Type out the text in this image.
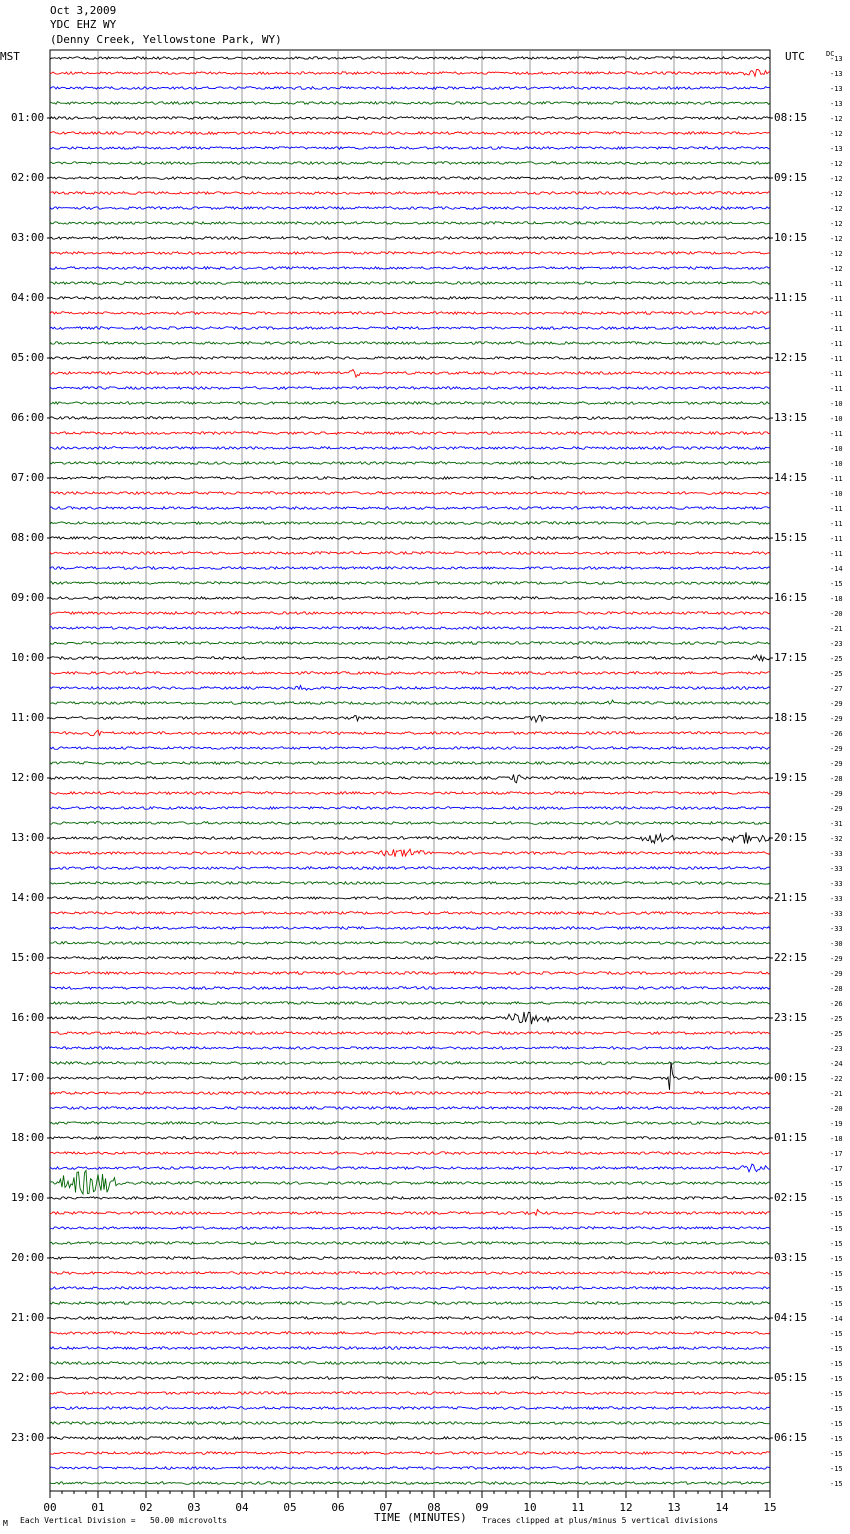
Oct 3,2009
YDC EHZ WY
(Denny Creek, Yellowstone Park, WY)
MST	UTC	DC
01:00
02:00
03:00
04:00
05:00
06:00
07:00
08:00
09:00
10:00
11:00
12:00
13:00
14:00
15:00
16:00
17:00
18:00
19:00
20:00
21:00
22:00
23:00
08:15
09:15
10:15
11:15
12:15
13:15
14:15
15:15
16:15
17:15
18:15
19:15
20:15
21:15
22:15
23:15
00:15
01:15
02:15
03:15
04:15
05:15
06:15
-13
-13
-13
-13
-12
-12
-13
-12
-12
-12
-12
-12
-12
-12
-12
-11
-11
-11
-11
-11
-11
-11
-11
-10
-10
-11
-10
-10
-11
-10
-11
-11
-11
-11
-14
-15
-18
-20
-21
-23
-25
-25
-27
-29
-29
-26
-29
-29
-28
-29
-29
-31
-32
-33
-33
-33
-33
-33
-33
-30
-29
-29
-28
-26
-25
-25
-23
-24
-22
-21
-20
-19
-18
-17
-17
-15
-15
-15
-15
-15
-15
-15
-15
-15
-14
-15
-15
-15
-15
-15
-15
-15
-15
-15
-15
-15
00	01	02	03	04	05	06	07	08	09	10	11	12	13	14	15
M Each Vertical Division =   50.00 microvolts	TIME (MINUTES) Traces clipped at plus/minus 5 vertical divisions
